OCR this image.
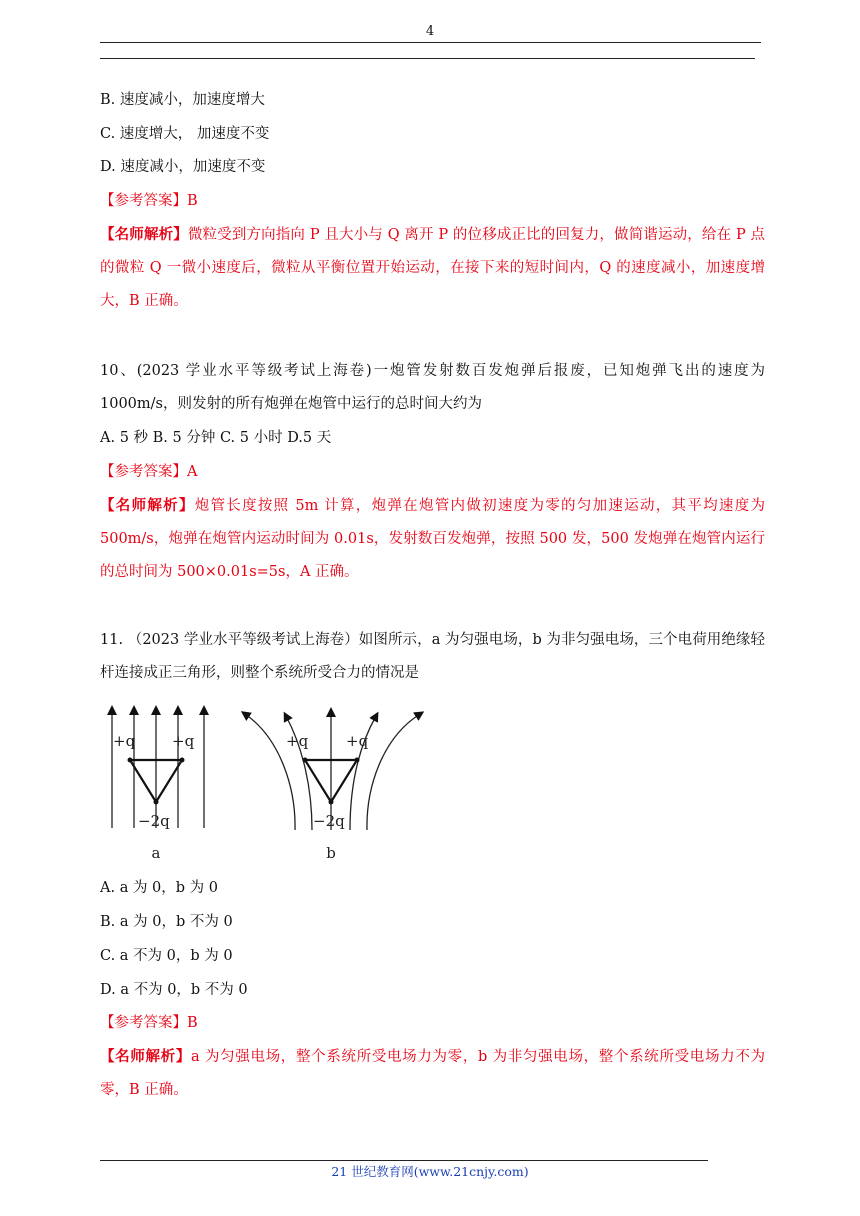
4
B. 速度减小，加速度增大
C. 速度增大， 加速度不变
D. 速度减小，加速度不变
【参考答案】B
【名师解析】微粒受到方向指向 P 且大小与 Q 离开 P 的位移成正比的回复力，做简谐运动，给在 P 点的微粒 Q 一微小速度后，微粒从平衡位置开始运动，在接下来的短时间内，Q 的速度减小，加速度增大，B 正确。
10、(2023 学业水平等级考试上海卷)一炮管发射数百发炮弹后报废，已知炮弹飞出的速度为 1000m/s，则发射的所有炮弹在炮管中运行的总时间大约为
A. 5 秒 B. 5 分钟 C. 5 小时 D.5 天
【参考答案】A
【名师解析】炮管长度按照 5m 计算，炮弹在炮管内做初速度为零的匀加速运动，其平均速度为 500m/s，炮弹在炮管内运动时间为 0.01s，发射数百发炮弹，按照 500 发，500 发炮弹在炮管内运行的总时间为 500×0.01s=5s，A 正确。
11. （2023 学业水平等级考试上海卷）如图所示，a 为匀强电场，b 为非匀强电场，三个电荷用绝缘轻杆连接成正三角形，则整个系统所受合力的情况是
+q +q
−2q
a
+q	+q
−2q
b
A. a 为 0，b 为 0
B. a 为 0，b 不为 0
C. a 不为 0，b 为 0
D. a 不为 0，b 不为 0
【参考答案】B
【名师解析】a 为匀强电场，整个系统所受电场力为零，b 为非匀强电场，整个系统所受电场力不为零，B 正确。
21 世纪教育网(www.21cnjy.com)
